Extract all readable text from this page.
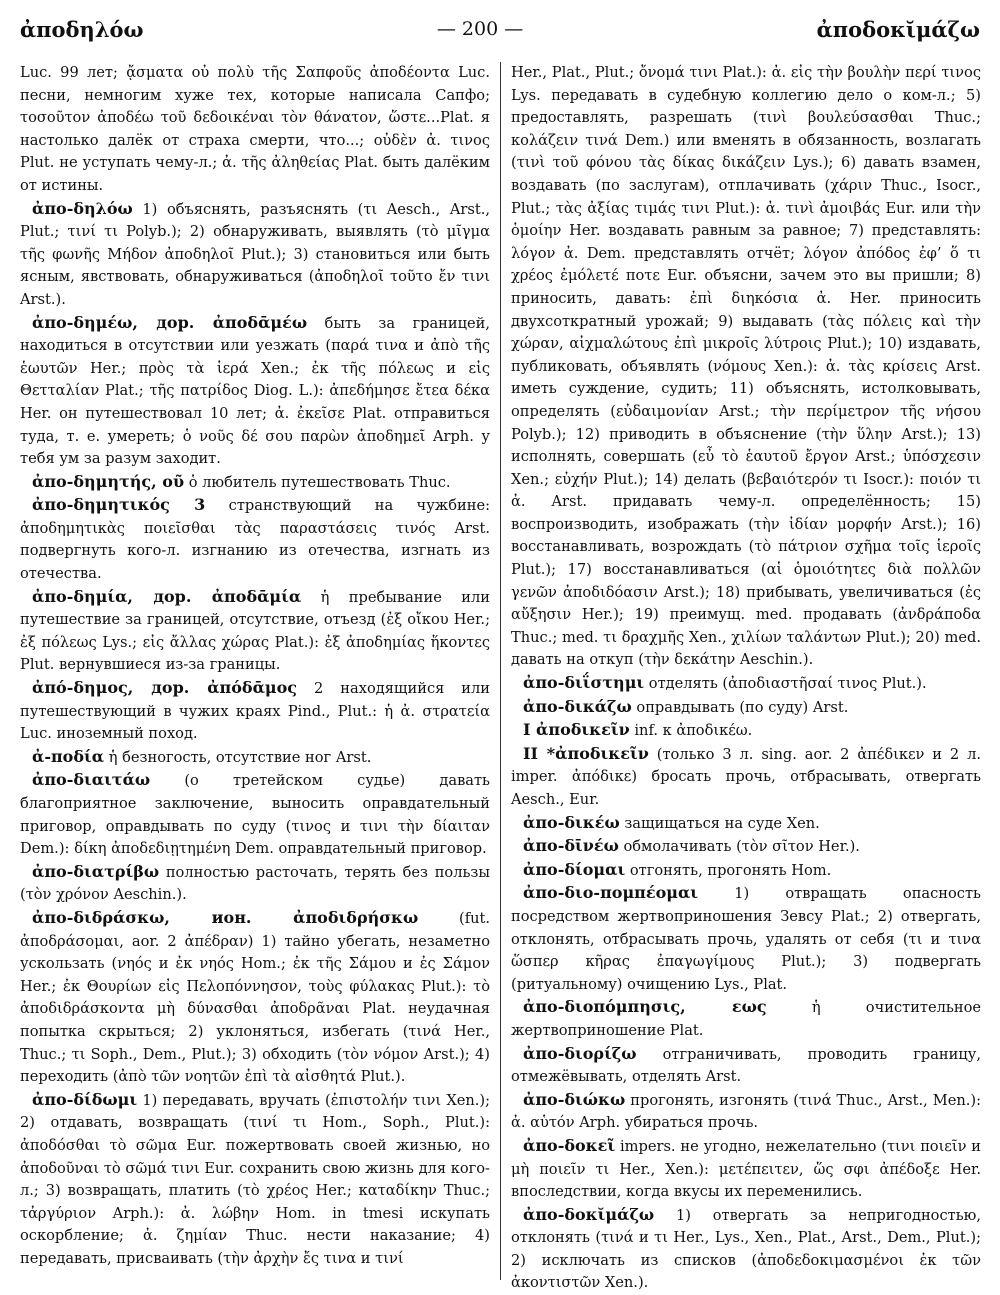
ἀποδηλόω	— 200 —	ἀποδοκῐμάζω

Luc. 99 лет; ᾄσματα οὐ πολὺ τῆς Σαπφοῦς ἀποδέοντα Luc. песни, немногим хуже тех, которые написала Сапфо; τοσοῦτον ἀποδέω τοῦ δεδοικέναι τὸν θάνατον, ὥστε...Plat. я настолько далёк от страха смерти, что...; οὐδὲν ἀ. τινος Plut. не уступать чему-л.; ἀ. τῆς ἀληθείας Plat. быть далёким от истины.

ἀπο-δηλόω 1) объяснять, разъяснять (τι Aesch., Arst., Plut.; τινί τι Polyb.); 2) обнаруживать, выявлять (τὸ μῖγμα τῆς φωνῆς Μήδον ἀποδηλοῖ Plut.); 3) становиться или быть ясным, явствовать, обнаруживаться (ἀποδηλοῖ τοῦτο ἔν τινι Arst.).

ἀπο-δημέω, дор. ἀποδᾱμέω быть за границей, находиться в отсутствии или уезжать (παρά τινα и ἀπὸ τῆς ἑωυτῶν Her.; πρὸς τὰ ἱερά Xen.; ἐκ τῆς πόλεως и εἰς Θετταλίαν Plat.; τῆς πατρίδος Diog. L.): ἀπεδήμησε ἔτεα δέκα Her. он путешествовал 10 лет; ἀ. ἐκεῖσε Plat. отправиться туда, т. е. умереть; ὁ νοῦς δέ σου παρὼν ἀποδημεῖ Arph. у тебя ум за разум заходит.

ἀπο-δημητής, οῦ ὁ любитель путешествовать Thuc.

ἀπο-δημητικός 3 странствующий на чужбине: ἀποδημητικὰς ποιεῖσθαι τὰς παραστάσεις τινός Arst. подвергнуть кого-л. изгнанию из отечества, изгнать из отечества.

ἀπο-δημία, дор. ἀποδᾱμία ἡ пребывание или путешествие за границей, отсутствие, отъезд (ἐξ οἴκου Her.; ἐξ πόλεως Lys.; εἰς ἄλλας χώρας Plat.): ἐξ ἀποδημίας ἥκοντες Plut. вернувшиеся из-за границы.

ἀπό-δημος, дор. ἀπόδᾱμος 2 находящийся или путешествующий в чужих краях Pind., Plut.: ἡ ἀ. στρατεία Luc. иноземный поход.

ἀ-ποδία ἡ безногость, отсутствие ног Arst.

ἀπο-διαιτάω (о третейском судье) давать благоприятное заключение, выносить оправдательный приговор, оправдывать по суду (τινος и τινι τὴν δίαιταν Dem.): δίκη ἀποδεδιῃτημένη Dem. оправдательный приговор.

ἀπο-διατρίβω полностью расточать, терять без пользы (τὸν χρόνον Aeschin.).

ἀπο-διδράσκω, ион. ἀποδιδρήσκω	(fut. ἀποδράσομαι, aor. 2 ἀπέδραν) 1) тайно убегать, незаметно ускользать (νηός и ἐκ νηός Hom.; ἐκ τῆς Σάμου и ἐς Σάμον Her.; ἐκ Θουρίων εἰς Πελοπόννησον, τοὺς φύλακας Plut.): τὸ ἀποδιδράσκοντα μὴ δύνασθαι ἀποδρᾶναι Plat. неудачная попытка скрыться; 2) уклоняться, избегать (τινά Her., Thuc.; τι Soph., Dem., Plut.); 3) обходить (τὸν νόμον Arst.); 4) переходить (ἀπὸ τῶν νοητῶν ἐπὶ τὰ αἰσθητά Plut.).

ἀπο-δίδωμι 1) передавать, вручать (ἐπιστολήν τινι Xen.); 2) отдавать, возвращать (τινί τι Hom., Soph., Plut.): ἀποδόσθαι τὸ σῶμα Eur. пожертвовать своей жизнью, но ἀποδοῦναι τὸ σῶμά τινι Eur. сохранить свою жизнь для кого-л.; 3) возвращать, платить (τὸ χρέος Her.; καταδίκην Thuc.; τἀργύριον Arph.): ἀ. λώβην Hom. in tmesi искупать оскорбление; ἀ. ζημίαν Thuc. нести наказание; 4) передавать, присваивать (τὴν ἀρχὴν ἔς τινα и τινί

Her., Plat., Plut.; ὄνομά τινι Plat.): ἀ. εἰς τὴν βουλὴν περί τινος Lys. передавать в судебную коллегию дело о ком-л.; 5) предоставлять, разрешать (τινὶ βουλεύσασθαι Thuc.; κολάζειν τινά Dem.) или вменять в обязанность, возлагать (τινὶ τοῦ φόνου τὰς δίκας δικάζειν Lys.); 6) давать взамен, воздавать (по заслугам), отплачивать (χάριν Thuc., Isocr., Plut.; τὰς ἀξίας τιμάς τινι Plut.): ἀ. τινὶ ἀμοιβάς Eur. или τὴν ὁμοίην Her. воздавать равным за равное; 7) представлять: λόγον ἀ. Dem. представлять отчёт; λόγον ἀπόδος ἐφ’ ὅ τι χρέος ἐμόλετέ ποτε Eur. объясни, зачем это вы пришли; 8) приносить, давать: ἐπὶ διηκόσια ἀ. Her. приносить двухсоткратный урожай; 9) выдавать (τὰς πόλεις καὶ τὴν χώραν, αἰχμαλώτους ἐπὶ μικροῖς λύτροις Plut.); 10) издавать, публиковать, объявлять (νόμους Xen.): ἀ. τὰς κρίσεις Arst. иметь суждение, судить; 11) объяснять, истолковывать, определять (εὐδαιμονίαν Arst.; τὴν περίμετρον τῆς νήσου Polyb.); 12) приводить в объяснение (τὴν ὕλην Arst.); 13) исполнять, совершать (εὖ τὸ ἑαυτοῦ ἔργον Arst.; ὑπόσχεσιν Xen.; εὐχήν Plut.); 14) делать (βεβαιότερόν τι Isocr.): ποιόν τι ἀ. Arst. придавать чему-л. определённость; 15) воспроизводить, изображать (τὴν ἰδίαν μορφήν Arst.); 16) восстанавливать, возрождать (τὸ πάτριον σχῆμα τοῖς ἱεροῖς Plut.); 17) восстанавливаться (αἱ ὁμοιότητες διὰ πολλῶν γενῶν ἀποδιδόασιν Arst.); 18) прибывать, увеличиваться (ἐς αὔξησιν Her.); 19) преимущ. med. продавать (ἀνδράποδα Thuc.; med. τι δραχμῆς Xen., χιλίων ταλάντων Plut.); 20) med. давать на откуп (τὴν δεκάτην Aeschin.).

ἀπο-διΐστημι отделять (ἀποδιαστῆσαί τινος Plut.).

ἀπο-δικάζω оправдывать (по суду) Arst.

I ἀποδικεῖν inf. к ἀποδικέω.

II *ἀποδικεῖν (только 3 л. sing. aor. 2 ἀπέδικεν и 2 л. imper. ἀπόδικε) бросать прочь, отбрасывать, отвергать Aesch., Eur.

ἀπο-δικέω защищаться на суде Xen.

ἀπο-δῑνέω обмолачивать (τὸν σῖτον Her.).

ἀπο-δίομαι отгонять, прогонять Hom.

ἀπο-διο-πομπέομαι 1) отвращать опасность посредством жертвоприношения Зевсу Plat.; 2) отвергать, отклонять, отбрасывать прочь, удалять от себя (τι и τινα ὥσπερ κῆρας ἐπαγωγίμους Plut.); 3) подвергать (ритуальному) очищению Lys., Plat.

ἀπο-διοπόμπησις, εως	ἡ очистительное жертвоприношение Plat.

ἀπο-διορίζω отграничивать, проводить границу, отмежёвывать, отделять Arst.

ἀπο-διώκω прогонять, изгонять (τινά Thuc., Arst., Men.): ἀ. αὑτόν Arph. убираться прочь.

ἀπο-δοκεῖ impers. не угодно, нежелательно (τινι ποιεῖν и μὴ ποιεῖν τι Her., Xen.): μετέπειτεν, ὥς σφι ἀπέδοξε Her. впоследствии, когда вкусы их переменились.

ἀπο-δοκῐμάζω 1) отвергать за непригодностью, отклонять (τινά и τι Her., Lys., Xen., Plat., Arst., Dem., Plut.); 2) исключать из списков (ἀποδεδοκιμασμένοι ἐκ τῶν ἀκοντιστῶν Xen.).
